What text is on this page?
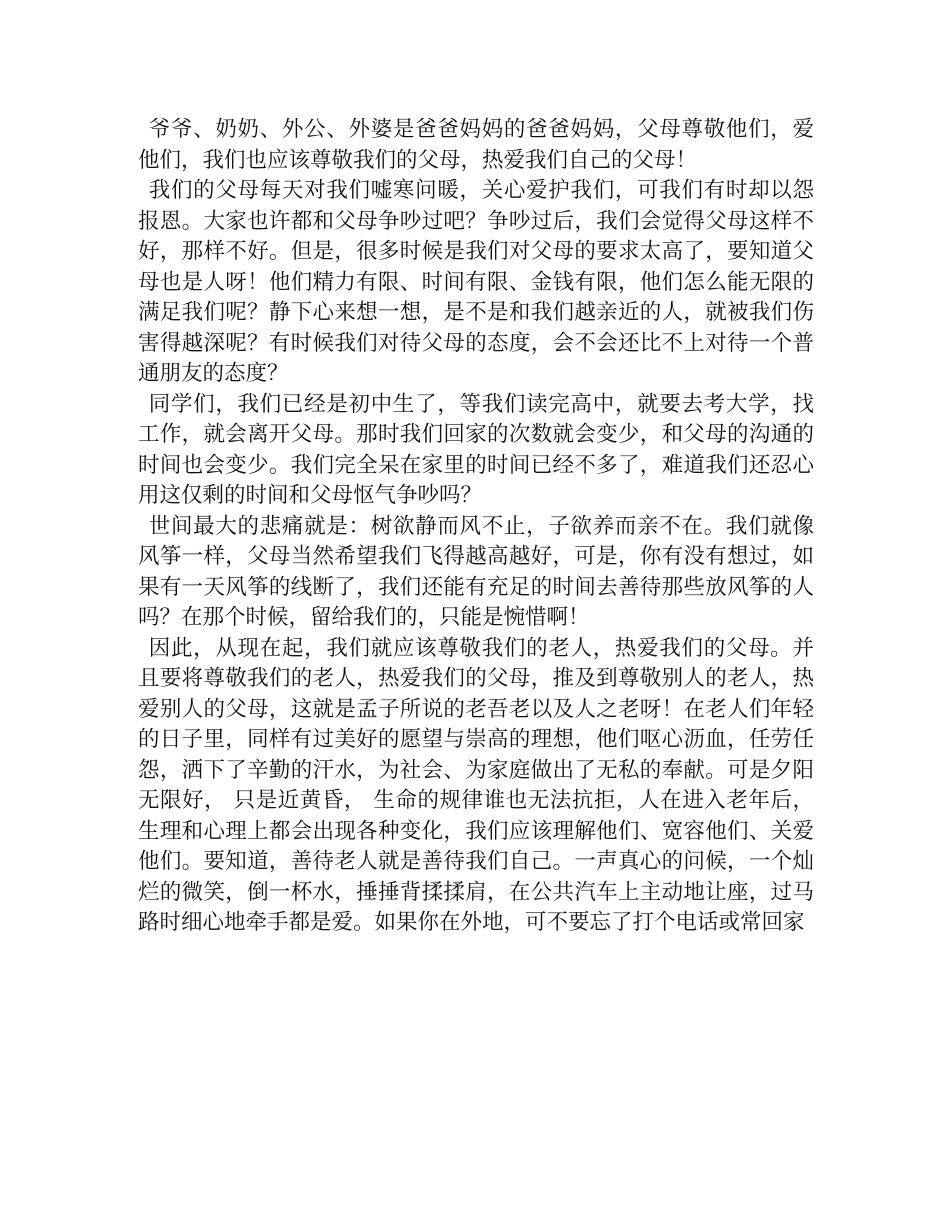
爷爷、奶奶、外公、外婆是爸爸妈妈的爸爸妈妈，父母尊敬他们，爱他们，我们也应该尊敬我们的父母，热爱我们自己的父母！

我们的父母每天对我们嘘寒问暖，关心爱护我们，可我们有时却以怨报恩。大家也许都和父母争吵过吧？争吵过后，我们会觉得父母这样不好，那样不好。但是，很多时候是我们对父母的要求太高了，要知道父母也是人呀！他们精力有限、时间有限、金钱有限，他们怎么能无限的满足我们呢？静下心来想一想，是不是和我们越亲近的人，就被我们伤害得越深呢？有时候我们对待父母的态度，会不会还比不上对待一个普通朋友的态度？

同学们，我们已经是初中生了，等我们读完高中，就要去考大学，找工作，就会离开父母。那时我们回家的次数就会变少，和父母的沟通的时间也会变少。我们完全呆在家里的时间已经不多了，难道我们还忍心用这仅剩的时间和父母怄气争吵吗？

世间最大的悲痛就是：树欲静而风不止，子欲养而亲不在。我们就像风筝一样，父母当然希望我们飞得越高越好，可是，你有没有想过，如果有一天风筝的线断了，我们还能有充足的时间去善待那些放风筝的人吗？在那个时候，留给我们的，只能是惋惜啊！

因此，从现在起，我们就应该尊敬我们的老人，热爱我们的父母。并且要将尊敬我们的老人，热爱我们的父母，推及到尊敬别人的老人，热爱别人的父母，这就是孟子所说的老吾老以及人之老呀！在老人们年轻的日子里，同样有过美好的愿望与崇高的理想，他们呕心沥血，任劳任怨，洒下了辛勤的汗水，为社会、为家庭做出了无私的奉献。可是夕阳无限好， 只是近黄昏， 生命的规律谁也无法抗拒，人在进入老年后，生理和心理上都会出现各种变化，我们应该理解他们、宽容他们、关爱他们。要知道，善待老人就是善待我们自己。一声真心的问候，一个灿烂的微笑，倒一杯水，捶捶背揉揉肩，在公共汽车上主动地让座，过马路时细心地牵手都是爱。如果你在外地，可不要忘了打个电话或常回家
